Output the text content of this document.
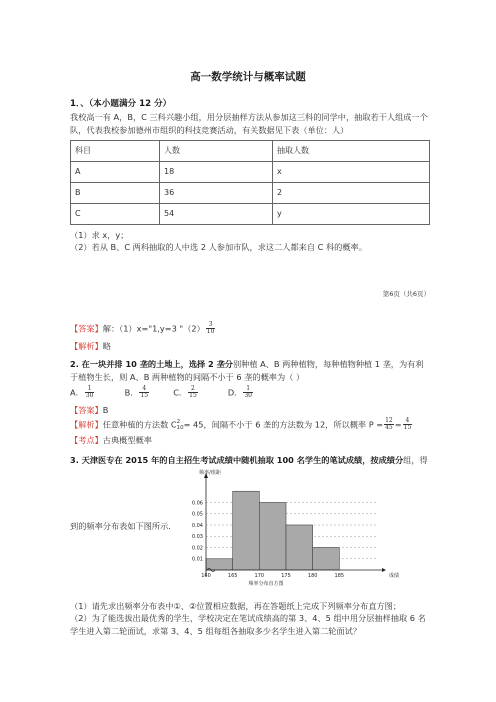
高一数学统计与概率试题
1．、（本小题满分 12 分）
我校高一有 A，B，C 三科兴趣小组，用分层抽样方法从参加这三科的同学中，抽取若干人组成一个队，代表我校参加德州市组织的科技竞赛活动，有关数据见下表（单位：人）
科目	人数	抽取人数
A	18	x
B	36	2
C	54	y
（1）求 x，y；
（2）若从 B、C 两科抽取的人中选 2 人参加市队，求这二人都来自 C 科的概率。
第6页（共6页）
【答案】解：（1）x="1,y=3 "$(2) \frac{3}{10}$
【解析】略
2. 在一块并排 10 垄的土地上，选择 2 垄分别种植 A、B 两种植物，每种植物种植 1 垄，为有利于植物生长，则 A、B 两种植物的间隔不小于 6 垄的概率为（ ）
A． $\frac{1}{30}$	B． $\frac{4}{15}$	C． $\frac{2}{15}$	D． $\frac{1}{30}$
【答案】B
【解析】任意种植的方法数 C 2
10 = 45，间隔不小于 6 垄的方法数为 12，所以概率 $P = \frac{12}{45} = \frac{4}{15}$
【考点】古典概型概率
3. 天津医专在 2015 年的自主招生考试成绩中随机抽取 100 名学生的笔试成绩，按成绩分组，得
到的频率分布表如下图所示.
0.06
0.05
0.04
0.03
0.02
0.01
160	165	170	175	180	185	成绩
频率/组距
频率分布直方图
（1）请先求出频率分布表中①、②位置相应数据，再在答题纸上完成下列频率分布直方图；
（2）为了能选拔出最优秀的学生，学校决定在笔试成绩高的第 3、4、5 组中用分层抽样抽取 6 名学生进入第二轮面试，求第 3、4、5 组每组各抽取多少名学生进入第二轮面试？
